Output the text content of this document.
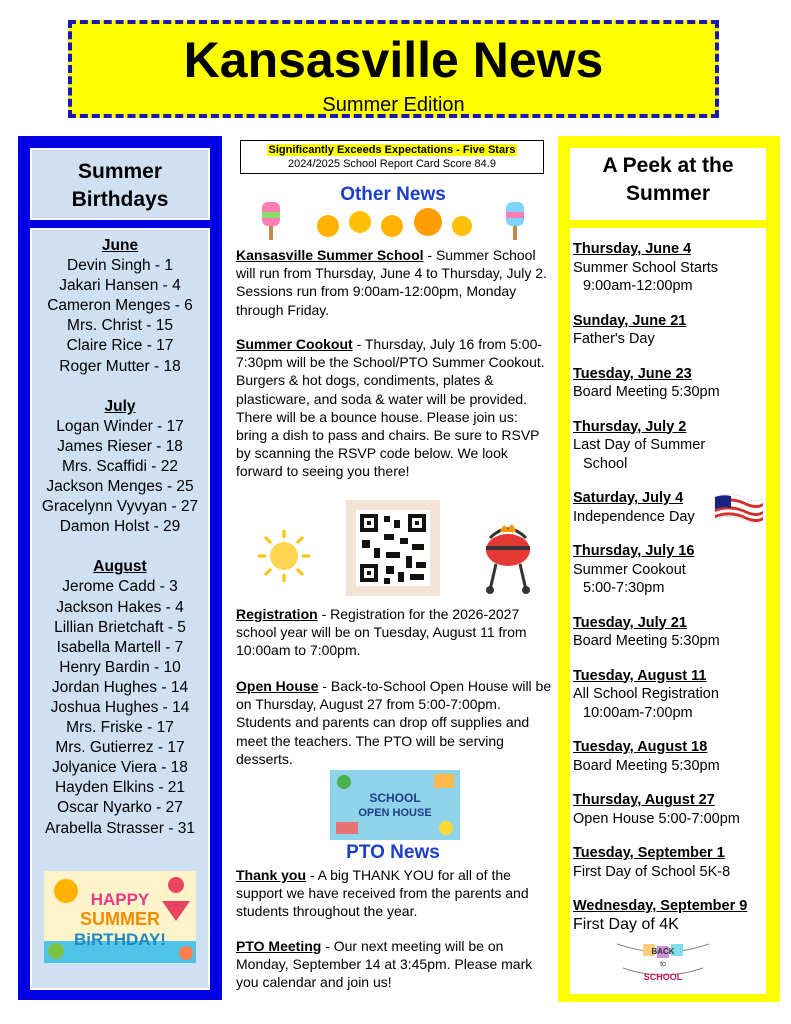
Kansasville News
Summer Edition
Summer
Birthdays
June
Devin Singh - 1
Jakari Hansen - 4
Cameron Menges - 6
Mrs. Christ - 15
Claire Rice - 17
Roger Mutter - 18
July
Logan Winder - 17
James Rieser - 18
Mrs. Scaffidi - 22
Jackson Menges - 25
Gracelynn Vyvyan - 27
Damon Holst - 29
August
Jerome Cadd - 3
Jackson Hakes - 4
Lillian Brietchaft - 5
Isabella Martell - 7
Henry Bardin - 10
Jordan Hughes - 14
Joshua Hughes - 14
Mrs. Friske - 17
Mrs. Gutierrez - 17
Jolyanice Viera - 18
Hayden Elkins - 21
Oscar Nyarko - 27
Arabella Strasser - 31
HAPPY
SUMMER
BiRTHDAY!
Significantly Exceeds Expectations - Five Stars
2024/2025 School Report Card Score 84.9
Other News
Kansasville Summer School - Summer School will run from Thursday, June 4 to Thursday, July 2. Sessions run from 9:00am-12:00pm, Monday through Friday.
Summer Cookout - Thursday, July 16 from 5:00-7:30pm will be the School/PTO Summer Cookout. Burgers & hot dogs, condiments, plates & plasticware, and soda & water will be provided. There will be a bounce house. Please join us: bring a dish to pass and chairs. Be sure to RSVP by scanning the RSVP code below. We look forward to seeing you there!
Registration - Registration for the 2026-2027 school year will be on Tuesday, August 11 from 10:00am to 7:00pm.
Open House - Back-to-School Open House will be on Thursday, August 27 from 5:00-7:00pm. Students and parents can drop off supplies and meet the teachers. The PTO will be serving desserts.
SCHOOL
OPEN HOUSE
PTO News
Thank you - A big THANK YOU for all of the support we have received from the parents and students throughout the year.
PTO Meeting - Our next meeting will be on Monday, September 14 at 3:45pm. Please mark you calendar and join us!
A Peek at the
Summer
Thursday, June 4
Summer School Starts
9:00am-12:00pm
Sunday, June 21
Father's Day
Tuesday, June 23
Board Meeting 5:30pm
Thursday, July 2
Last Day of Summer
School
Saturday, July 4
Independence Day
Thursday, July 16
Summer Cookout
5:00-7:30pm
Tuesday, July 21
Board Meeting 5:30pm
Tuesday, August 11
All School Registration
10:00am-7:00pm
Tuesday, August 18
Board Meeting 5:30pm
Thursday, August 27
Open House 5:00-7:00pm
Tuesday, September 1
First Day of School 5K-8
Wednesday, September 9
First Day of 4K
BACK
to
SCHOOL
